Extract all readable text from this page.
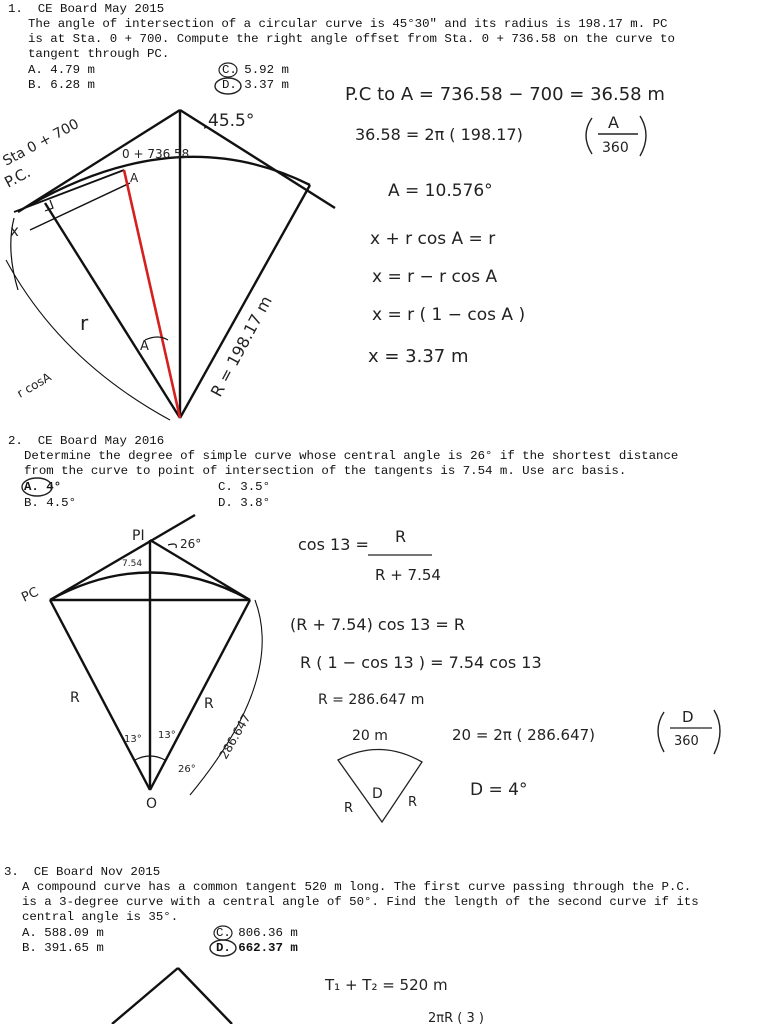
1.  CE Board May 2015
The angle of intersection of a circular curve is 45°30" and its radius is 198.17 m. PC
is at Sta. 0 + 700. Compute the right angle offset from Sta. 0 + 736.58 on the curve to
tangent through PC.
A. 4.79 m
B. 6.28 m
C. 5.92 m
D. 3.37 m
2.  CE Board May 2016
Determine the degree of simple curve whose central angle is 26° if the shortest distance
from the curve to point of intersection of the tangents is 7.54 m. Use arc basis.
A. 4°
B. 4.5°
C. 3.5°
D. 3.8°
3.  CE Board Nov 2015
A compound curve has a common tangent 520 m long. The first curve passing through the P.C.
is a 3-degree curve with a central angle of 50°. Find the length of the second curve if its
central angle is 35°.
A. 588.09 m
B. 391.65 m
C. 806.36 m
D. 662.37 m
Sta 0 + 700
P.C.
0 + 736.58
45.5°
A
A
x
r
r cosA	R = 198.17 m
P.C to A = 736.58 − 700 = 36.58 m
36.58 = 2π ( 198.17)
A
360
A = 10.576°
x + r cos A = r
x = r − r cos A
x = r ( 1 − cos A )
x = 3.37 m
PI	26°
7.54
PC
R	R
13° 13°
26°
O
286.647
cos 13 = R
R + 7.54
(R + 7.54) cos 13 = R
R ( 1 − cos 13 ) = 7.54 cos 13
R = 286.647 m
20 m
D
R	R
20 = 2π ( 286.647)
D
360
D = 4°
T₁ + T₂ = 520 m
2πR ( 3 )
